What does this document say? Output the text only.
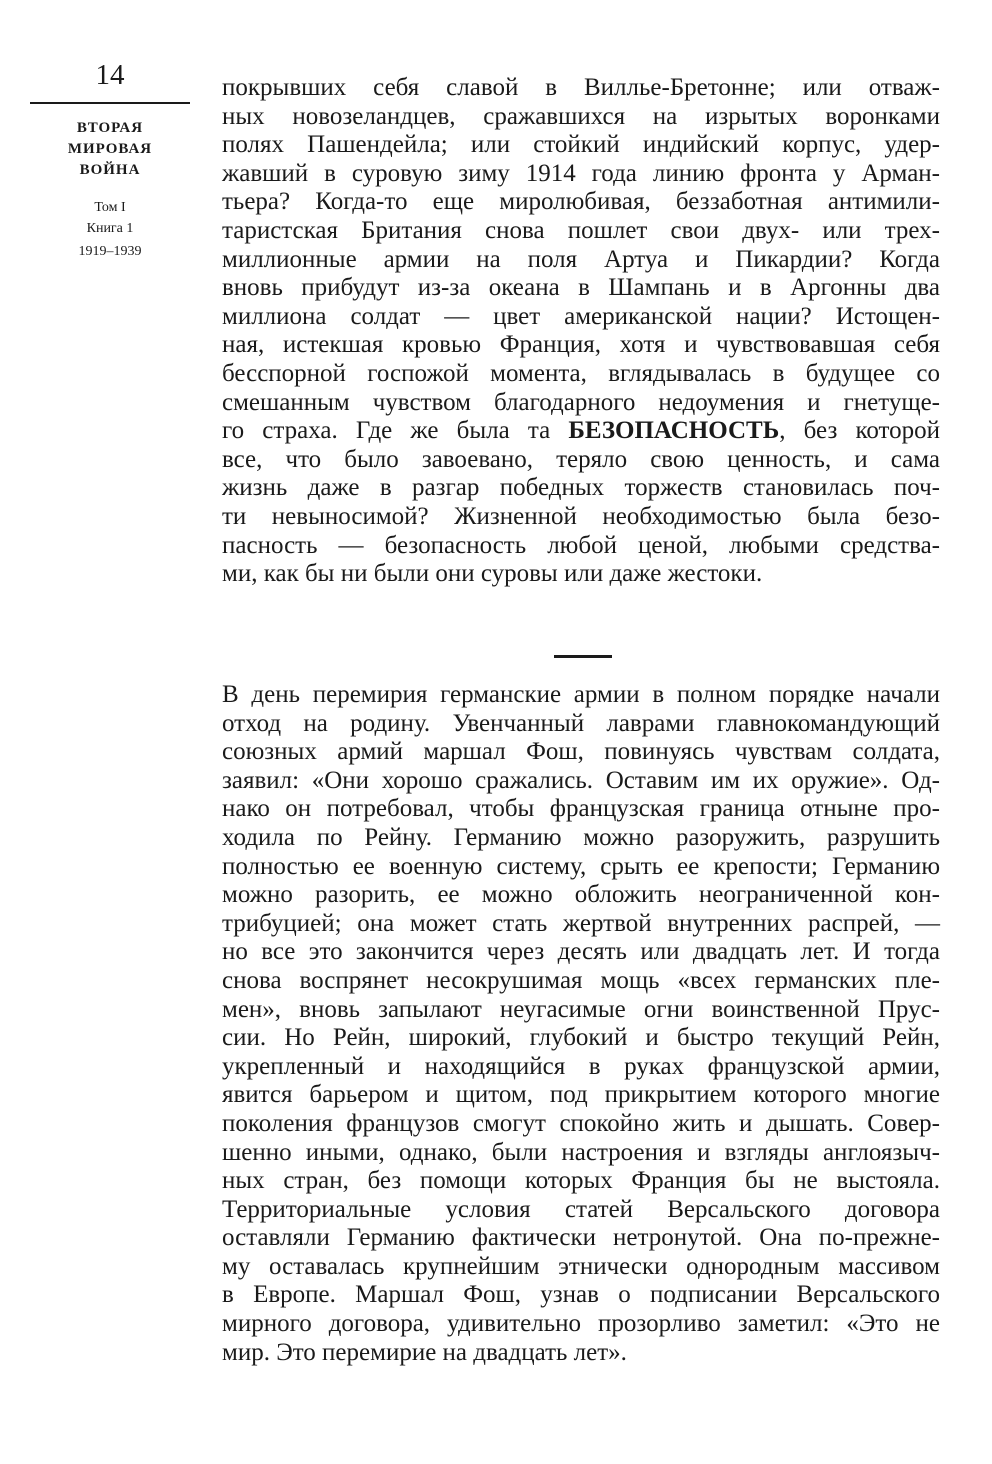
14
ВТОРАЯ
МИРОВАЯ
ВОЙНА
Том I
Книга 1
1919–1939
покрывших себя славой в Виллье-Бретонне; или отваж-
ных новозеландцев, сражавшихся на изрытых воронками
полях Пашендейла; или стойкий индийский корпус, удер-
жавший в суровую зиму 1914 года линию фронта у Арман-
тьера? Когда-то еще миролюбивая, беззаботная антимили-
таристская Британия снова пошлет свои двух- или трех-
миллионные армии на поля Артуа и Пикардии? Когда
вновь прибудут из-за океана в Шампань и в Аргонны два
миллиона солдат — цвет американской нации? Истощен-
ная, истекшая кровью Франция, хотя и чувствовавшая себя
бесспорной госпожой момента, вглядывалась в будущее со
смешанным чувством благодарного недоумения и гнетуще-
го страха. Где же была та БЕЗОПАСНОСТЬ, без которой
все, что было завоевано, теряло свою ценность, и сама
жизнь даже в разгар победных торжеств становилась поч-
ти невыносимой? Жизненной необходимостью была безо-
пасность — безопасность любой ценой, любыми средства-
ми, как бы ни были они суровы или даже жестоки.
В день перемирия германские армии в полном порядке начали
отход на родину. Увенчанный лаврами главнокомандующий
союзных армий маршал Фош, повинуясь чувствам солдата,
заявил: «Они хорошо сражались. Оставим им их оружие». Од-
нако он потребовал, чтобы французская граница отныне про-
ходила по Рейну. Германию можно разоружить, разрушить
полностью ее военную систему, срыть ее крепости; Германию
можно разорить, ее можно обложить неограниченной кон-
трибуцией; она может стать жертвой внутренних распрей, —
но все это закончится через десять или двадцать лет. И тогда
снова воспрянет несокрушимая мощь «всех германских пле-
мен», вновь запылают неугасимые огни воинственной Прус-
сии. Но Рейн, широкий, глубокий и быстро текущий Рейн,
укрепленный и находящийся в руках французской армии,
явится барьером и щитом, под прикрытием которого многие
поколения французов смогут спокойно жить и дышать. Совер-
шенно иными, однако, были настроения и взгляды англоязыч-
ных стран, без помощи которых Франция бы не выстояла.
Территориальные условия статей Версальского договора
оставляли Германию фактически нетронутой. Она по-прежне-
му оставалась крупнейшим этнически однородным массивом
в Европе. Маршал Фош, узнав о подписании Версальского
мирного договора, удивительно прозорливо заметил: «Это не
мир. Это перемирие на двадцать лет».
